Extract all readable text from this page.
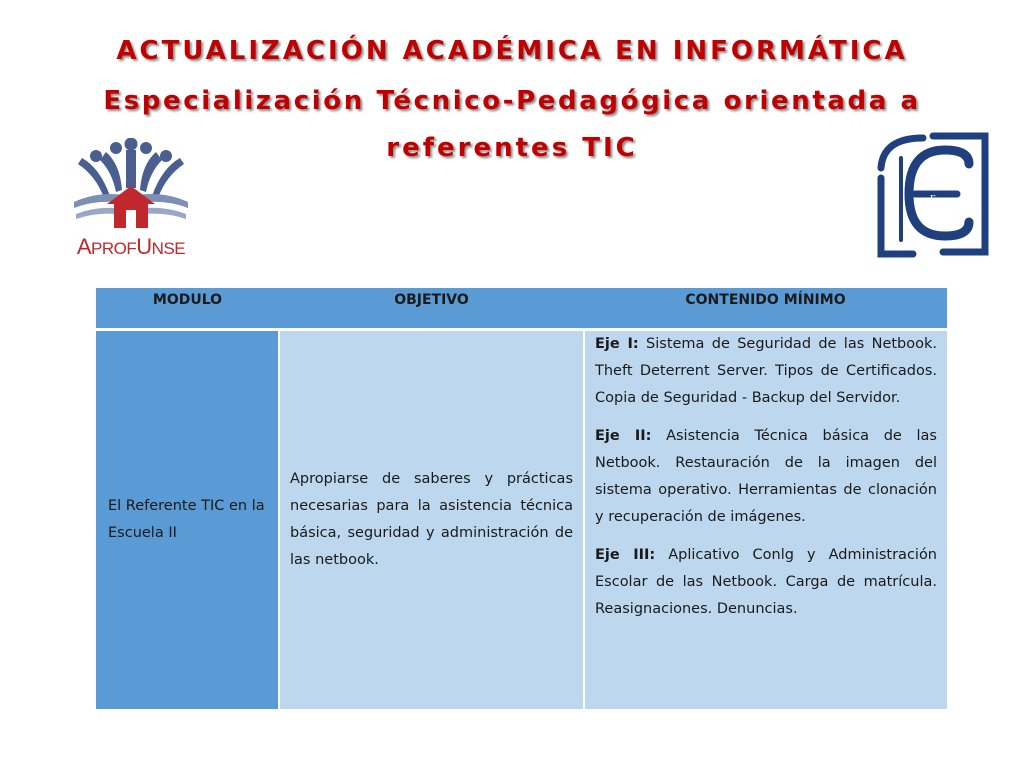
ACTUALIZACIÓN ACADÉMICA EN INFORMÁTICA
Especialización Técnico-Pedagógica orientada a
referentes TIC
APROFUNSE
E
MODULO	OBJETIVO	CONTENIDO MÍNIMO

El Referente TIC en la Escuela II	Apropiarse de saberes y prácticas necesarias para la asistencia técnica básica, seguridad y administración de las netbook.	Eje I: Sistema de Seguridad de las Netbook. Theft Deterrent Server. Tipos de Certificados. Copia de Seguridad - Backup del Servidor.

Eje II: Asistencia Técnica básica de las Netbook. Restauración de la imagen del sistema operativo. Herramientas de clonación y recuperación de imágenes.

Eje III: Aplicativo Conlg y Administración Escolar de las Netbook. Carga de matrícula. Reasignaciones. Denuncias.
